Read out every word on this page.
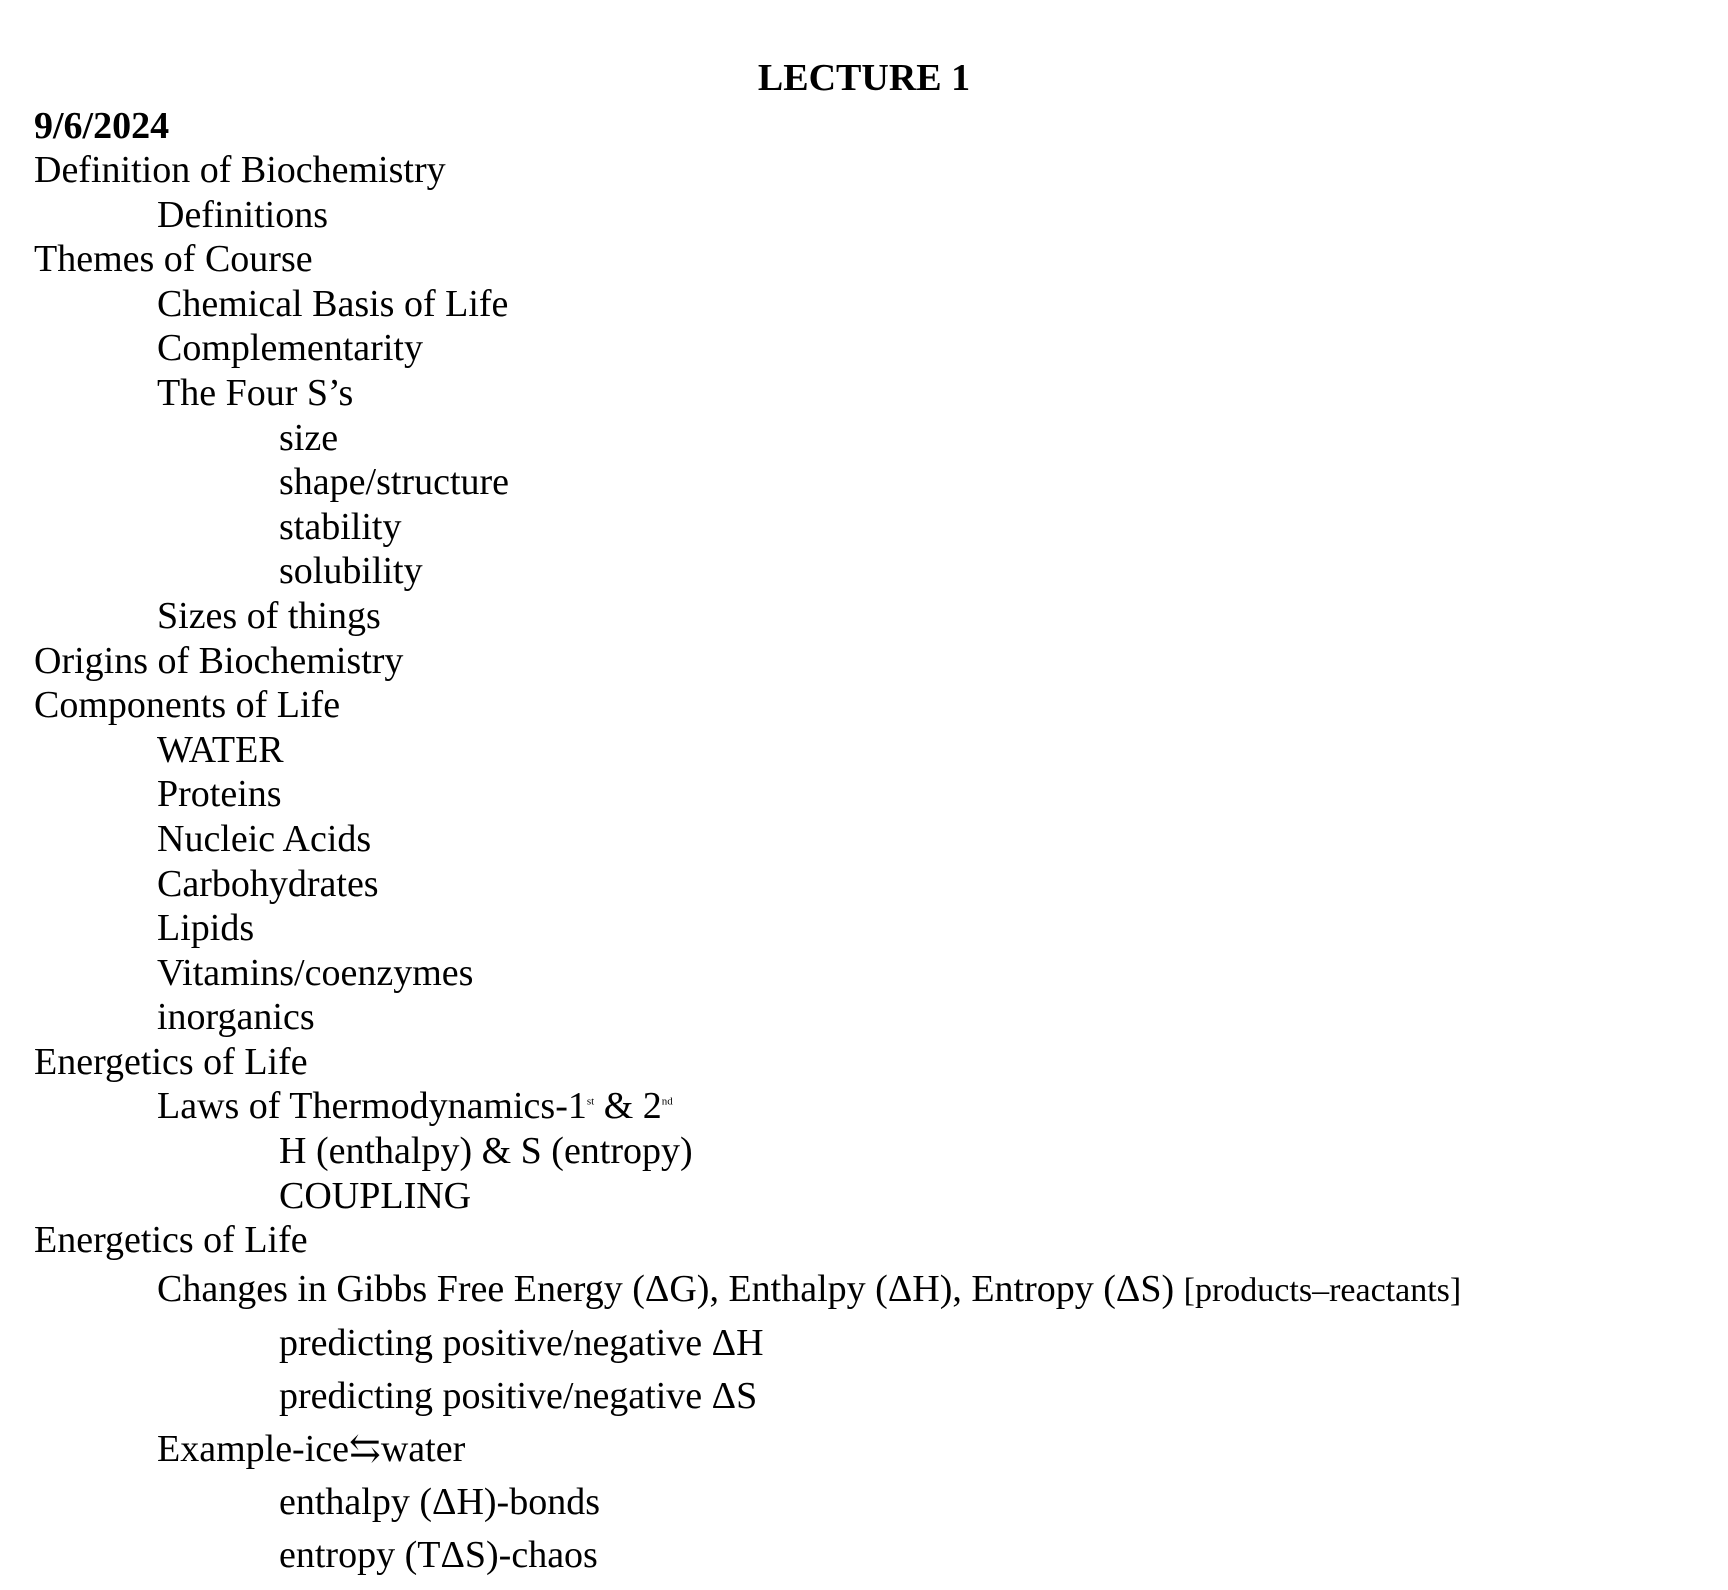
LECTURE 1
9/6/2024
Definition of Biochemistry
Definitions
Themes of Course
Chemical Basis of Life
Complementarity
The Four S’s
size
shape/structure
stability
solubility
Sizes of things
Origins of Biochemistry
Components of Life
WATER
Proteins
Nucleic Acids
Carbohydrates
Lipids
Vitamins/coenzymes
inorganics
Energetics of Life
Laws of Thermodynamics-1st & 2nd
H (enthalpy) & S (entropy)
COUPLING
Energetics of Life
Changes in Gibbs Free Energy (ΔG), Enthalpy (ΔH), Entropy (ΔS) [products–reactants]
predicting positive/negative ΔH
predicting positive/negative ΔS
Example-ice⇆water
enthalpy (ΔH)-bonds
entropy (TΔS)-chaos
